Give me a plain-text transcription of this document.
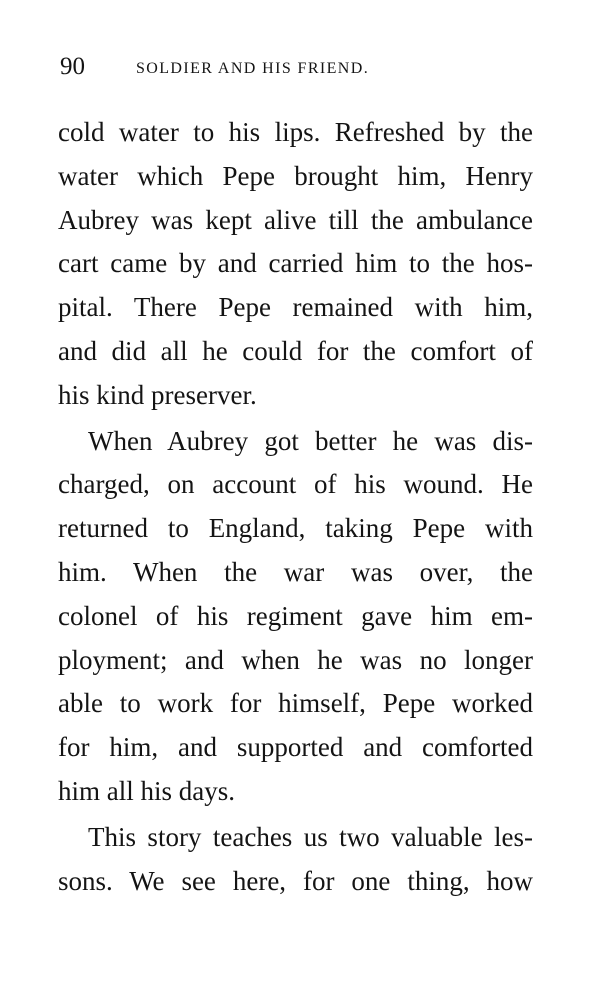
90	SOLDIER AND HIS FRIEND.
cold water to his lips. Refreshed by the
water which Pepe brought him, Henry
Aubrey was kept alive till the ambulance
cart came by and carried him to the hos-
pital. There Pepe remained with him,
and did all he could for the comfort of
his kind preserver.
When Aubrey got better he was dis-
charged, on account of his wound. He
returned to England, taking Pepe with
him. When the war was over, the
colonel of his regiment gave him em-
ployment; and when he was no longer
able to work for himself, Pepe worked
for him, and supported and comforted
him all his days.
This story teaches us two valuable les-
sons. We see here, for one thing, how
